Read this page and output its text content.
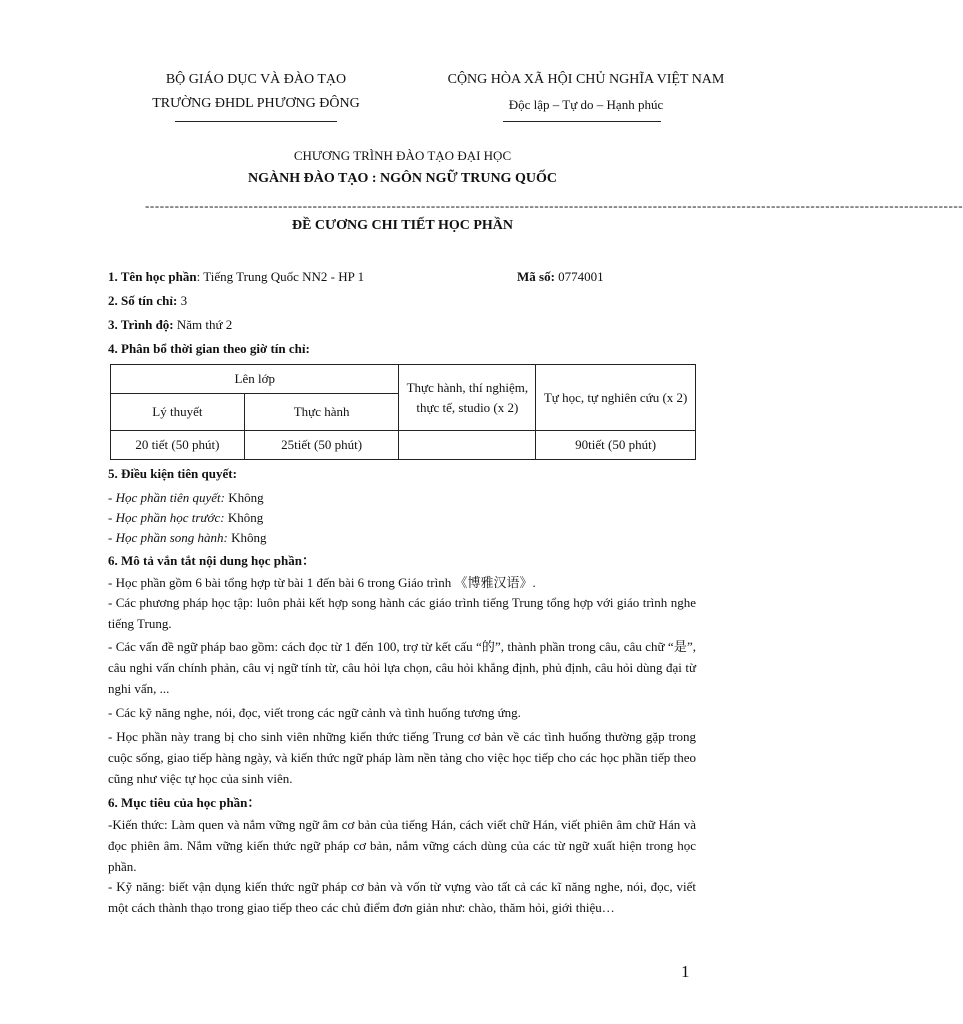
BỘ GIÁO DỤC VÀ ĐÀO TẠO
TRƯỜNG ĐHDL PHƯƠNG ĐÔNG
CỘNG HÒA XÃ HỘI CHỦ NGHĨA VIỆT NAM
Độc lập – Tự do – Hạnh phúc
CHƯƠNG TRÌNH ĐÀO TẠO ĐẠI HỌC
NGÀNH ĐÀO TẠO : NGÔN NGỮ TRUNG QUỐC
----------------------------------------------------------------------------------------------------------------------------------------------------------------------
ĐỀ CƯƠNG CHI TIẾT HỌC PHẦN
1. Tên học phần: Tiếng Trung Quốc NN2 - HP 1	Mã số: 0774001
2. Số tín chỉ: 3
3. Trình độ: Năm thứ 2
4. Phân bổ thời gian theo giờ tín chỉ:
Lên lớp		Thực hành, thí nghiệm, thực tế, studio (x 2)	Tự học, tự nghiên cứu (x 2)
Lý thuyết	Thực hành		
20 tiết (50 phút)	25tiết (50 phút)		90tiết (50 phút)
5. Điều kiện tiên quyết:
- Học phần tiên quyết: Không
- Học phần học trước: Không
- Học phần song hành: Không
6. Mô tả vắn tắt nội dung học phần：
- Học phần gồm 6 bài tổng hợp từ bài 1 đến bài 6 trong Giáo trình 《博雅汉语》.
- Các phương pháp học tập: luôn phải kết hợp song hành các giáo trình tiếng Trung tổng hợp với giáo trình nghe tiếng Trung.
- Các vấn đề ngữ pháp bao gồm: cách đọc từ 1 đến 100, trợ từ kết cấu “的”, thành phần trong câu, câu chữ “是”, câu nghi vấn chính phản, câu vị ngữ tính từ, câu hỏi lựa chọn, câu hỏi khẳng định, phủ định, câu hỏi dùng đại từ nghi vấn, ...
- Các kỹ năng nghe, nói, đọc, viết trong các ngữ cảnh và tình huống tương ứng.
- Học phần này trang bị cho sinh viên những kiến thức tiếng Trung cơ bản về các tình huống thường gặp trong cuộc sống, giao tiếp hàng ngày, và kiến thức ngữ pháp làm nền tảng cho việc học tiếp cho các học phần tiếp theo cũng như việc tự học của sinh viên.
6. Mục tiêu của học phần：
-Kiến thức: Làm quen và nắm vững ngữ âm cơ bản của tiếng Hán, cách viết chữ Hán, viết phiên âm chữ Hán và đọc phiên âm. Nắm vững kiến thức ngữ pháp cơ bản, nắm vững cách dùng của các từ ngữ xuất hiện trong học phần.
- Kỹ năng: biết vận dụng kiến thức ngữ pháp cơ bản và vốn từ vựng vào tất cả các kĩ năng nghe, nói, đọc, viết một cách thành thạo trong giao tiếp theo các chủ điểm đơn giản như: chào, thăm hỏi, giới thiệu…
1
